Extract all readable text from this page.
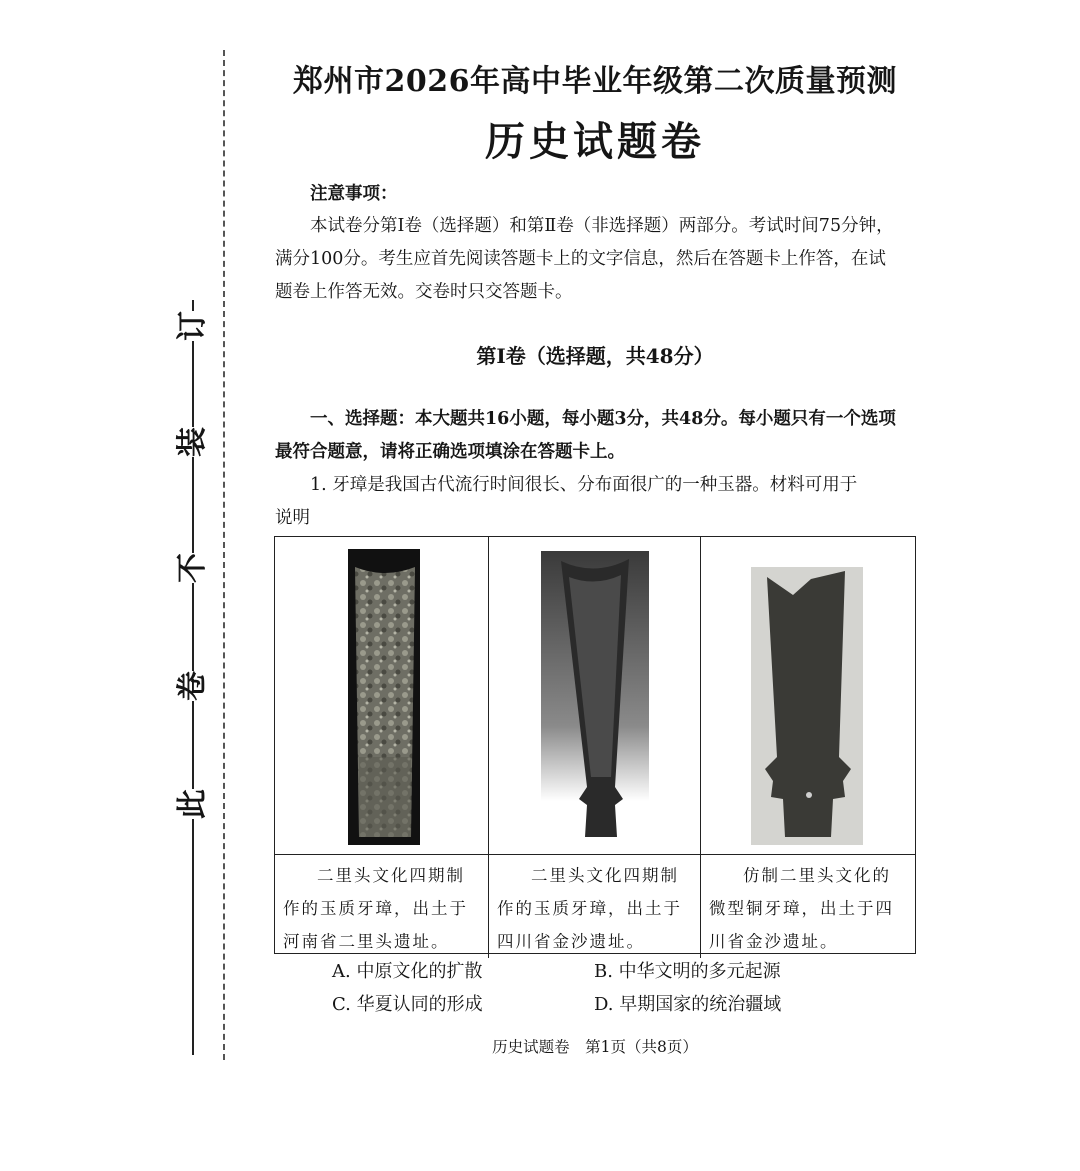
订
装
不
卷
此
郑州市2026年高中毕业年级第二次质量预测
历史试题卷
注意事项：
本试卷分第Ⅰ卷（选择题）和第Ⅱ卷（非选择题）两部分。考试时间75分钟，
满分100分。考生应首先阅读答题卡上的文字信息，然后在答题卡上作答，在试
题卷上作答无效。交卷时只交答题卡。
第Ⅰ卷（选择题，共48分）
一、选择题：本大题共16小题，每小题3分，共48分。每小题只有一个选项
最符合题意，请将正确选项填涂在答题卡上。
1. 牙璋是我国古代流行时间很长、分布面很广的一种玉器。材料可用于
说明
二里头文化四期制
作的玉质牙璋，出土于
河南省二里头遗址。
二里头文化四期制
作的玉质牙璋，出土于
四川省金沙遗址。
仿制二里头文化的
微型铜牙璋，出土于四
川省金沙遗址。
A. 中原文化的扩散	B. 中华文明的多元起源
C. 华夏认同的形成	D. 早期国家的统治疆域
历史试题卷　第1页（共8页）
